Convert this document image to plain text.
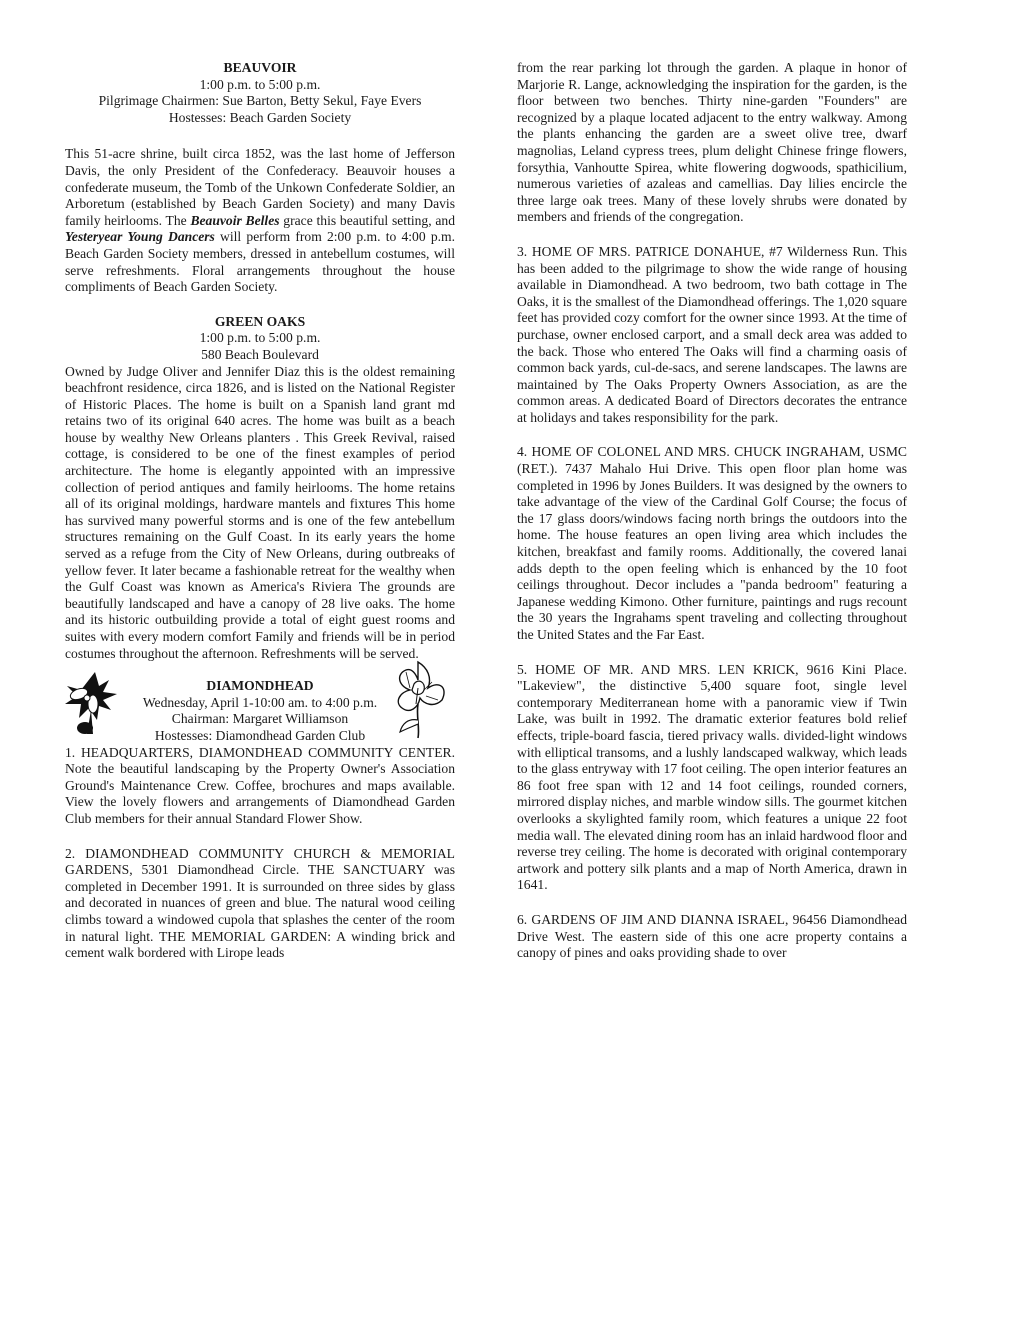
BEAUVOIR

1:00 p.m. to 5:00 p.m.
Pilgrimage Chairmen: Sue Barton, Betty Sekul, Faye Evers
Hostesses: Beach Garden Society

This 51-acre shrine, built circa 1852, was the last home of Jefferson Davis, the only President of the Confederacy. Beauvoir houses a confederate museum, the Tomb of the Unkown Confederate Soldier, an Arboretum (established by Beach Garden Society) and many Davis family heirlooms. The Beauvoir Belles grace this beautiful setting, and Yesteryear Young Dancers will perform from 2:00 p.m. to 4:00 p.m. Beach Garden Society members, dressed in antebellum costumes, will serve refreshments. Floral arrangements throughout the house compliments of Beach Garden Society.

GREEN OAKS

1:00 p.m. to 5:00 p.m.
580 Beach Boulevard

Owned by Judge Oliver and Jennifer Diaz this is the oldest remaining beachfront residence, circa 1826, and is listed on the National Register of Historic Places. The home is built on a Spanish land grant md retains two of its original 640 acres. The home was built as a beach house by wealthy New Orleans planters . This Greek Revival, raised cottage, is considered to be one of the finest examples of period architecture. The home is elegantly appointed with an impressive collection of period antiques and family heirlooms. The home retains all of its original moldings, hardware mantels and fixtures This home has survived many powerful storms and is one of the few antebellum structures remaining on the Gulf Coast. In its early years the home served as a refuge from the City of New Orleans, during outbreaks of yellow fever. It later became a fashionable retreat for the wealthy when the Gulf Coast was known as America's Riviera The grounds are beautifully landscaped and have a canopy of 28 live oaks. The home and its historic outbuilding provide a total of eight guest rooms and suites with every modern comfort Family and friends will be in period costumes throughout the afternoon. Refreshments will be served.

DIAMONDHEAD

Wednesday, April 1-10:00 am. to 4:00 p.m.
Chairman: Margaret Williamson
Hostesses: Diamondhead Garden Club

1. HEADQUARTERS, DIAMONDHEAD COMMUNITY CENTER. Note the beautiful landscaping by the Property Owner's Association Ground's Maintenance Crew. Coffee, brochures and maps available. View the lovely flowers and arrangements of Diamondhead Garden Club members for their annual Standard Flower Show.

2. DIAMONDHEAD COMMUNITY CHURCH & MEMORIAL GARDENS, 5301 Diamondhead Circle. THE SANCTUARY was completed in December 1991. It is surrounded on three sides by glass and decorated in nuances of green and blue. The natural wood ceiling climbs toward a windowed cupola that splashes the center of the room in natural light. THE MEMORIAL GARDEN: A winding brick and cement walk bordered with Lirope leads

from the rear parking lot through the garden. A plaque in honor of Marjorie R. Lange, acknowledging the inspiration for the garden, is the floor between two benches. Thirty nine-garden "Founders" are recognized by a plaque located adjacent to the entry walkway. Among the plants enhancing the garden are a sweet olive tree, dwarf magnolias, Leland cypress trees, plum delight Chinese fringe flowers, forsythia, Vanhoutte Spirea, white flowering dogwoods, spathicilium, numerous varieties of azaleas and camellias. Day lilies encircle the three large oak trees. Many of these lovely shrubs were donated by members and friends of the congregation.

3. HOME OF MRS. PATRICE DONAHUE, #7 Wilderness Run. This has been added to the pilgrimage to show the wide range of housing available in Diamondhead. A two bedroom, two bath cottage in The Oaks, it is the smallest of the Diamondhead offerings. The 1,020 square feet has provided cozy comfort for the owner since 1993. At the time of purchase, owner enclosed carport, and a small deck area was added to the back. Those who entered The Oaks will find a charming oasis of common back yards, cul-de-sacs, and serene landscapes. The lawns are maintained by The Oaks Property Owners Association, as are the common areas. A dedicated Board of Directors decorates the entrance at holidays and takes responsibility for the park.

4. HOME OF COLONEL AND MRS. CHUCK INGRAHAM, USMC (RET.). 7437 Mahalo Hui Drive. This open floor plan home was completed in 1996 by Jones Builders. It was designed by the owners to take advantage of the view of the Cardinal Golf Course; the focus of the 17 glass doors/windows facing north brings the outdoors into the home. The house features an open living area which includes the kitchen, breakfast and family rooms. Additionally, the covered lanai adds depth to the open feeling which is enhanced by the 10 foot ceilings throughout. Decor includes a "panda bedroom" featuring a Japanese wedding Kimono. Other furniture, paintings and rugs recount the 30 years the Ingrahams spent traveling and collecting throughout the United States and the Far East.

5. HOME OF MR. AND MRS. LEN KRICK, 9616 Kini Place. "Lakeview", the distinctive 5,400 square foot, single level contemporary Mediterranean home with a panoramic view if Twin Lake, was built in 1992. The dramatic exterior features bold relief effects, triple-board fascia, tiered privacy walls. divided-light windows with elliptical transoms, and a lushly landscaped walkway, which leads to the glass entryway with 17 foot ceiling. The open interior features an 86 foot free span with 12 and 14 foot ceilings, rounded corners, mirrored display niches, and marble window sills. The gourmet kitchen overlooks a skylighted family room, which features a unique 22 foot media wall. The elevated dining room has an inlaid hardwood floor and reverse trey ceiling. The home is decorated with original contemporary artwork and pottery silk plants and a map of North America, drawn in 1641.

6. GARDENS OF JIM AND DIANNA ISRAEL, 96456 Diamondhead Drive West. The eastern side of this one acre property contains a canopy of pines and oaks providing shade to over
